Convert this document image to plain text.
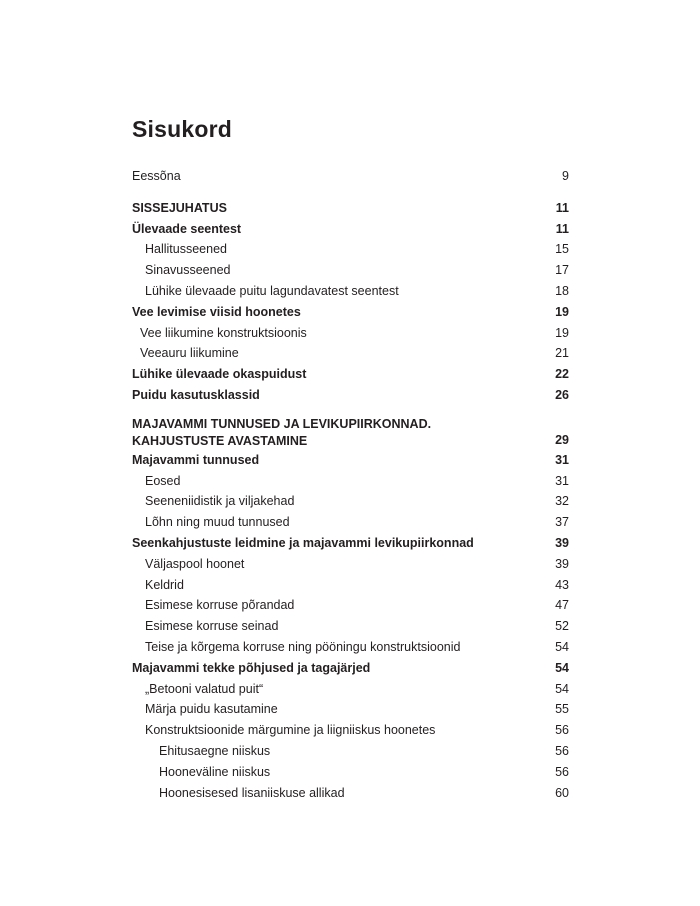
Sisukord
Eessõna	9
SISSEJUHATUS	11
Ülevaade seentest	11
Hallitusseened	15
Sinavusseened	17
Lühike ülevaade puitu lagundavatest seentest	18
Vee levimise viisid hoonetes	19
Vee liikumine konstruktsioonis	19
Veeauru liikumine	21
Lühike ülevaade okaspuidust	22
Puidu kasutusklassid	26
MAJAVAMMI TUNNUSED JA LEVIKUPIIRKONNAD.
KAHJUSTUSTE AVASTAMINE	29
Majavammi tunnused	31
Eosed	31
Seeneniidistik ja viljakehad	32
Lõhn ning muud tunnused	37
Seenkahjustuste leidmine ja majavammi levikupiirkonnad	39
Väljaspool hoonet	39
Keldrid	43
Esimese korruse põrandad	47
Esimese korruse seinad	52
Teise ja kõrgema korruse ning pööningu konstruktsioonid	54
Majavammi tekke põhjused ja tagajärjed	54
„Betooni valatud puit“	54
Märja puidu kasutamine	55
Konstruktsioonide märgumine ja liigniiskus hoonetes	56
Ehitusaegne niiskus	56
Hooneväline niiskus	56
Hoonesisesed lisaniiskuse allikad	60
